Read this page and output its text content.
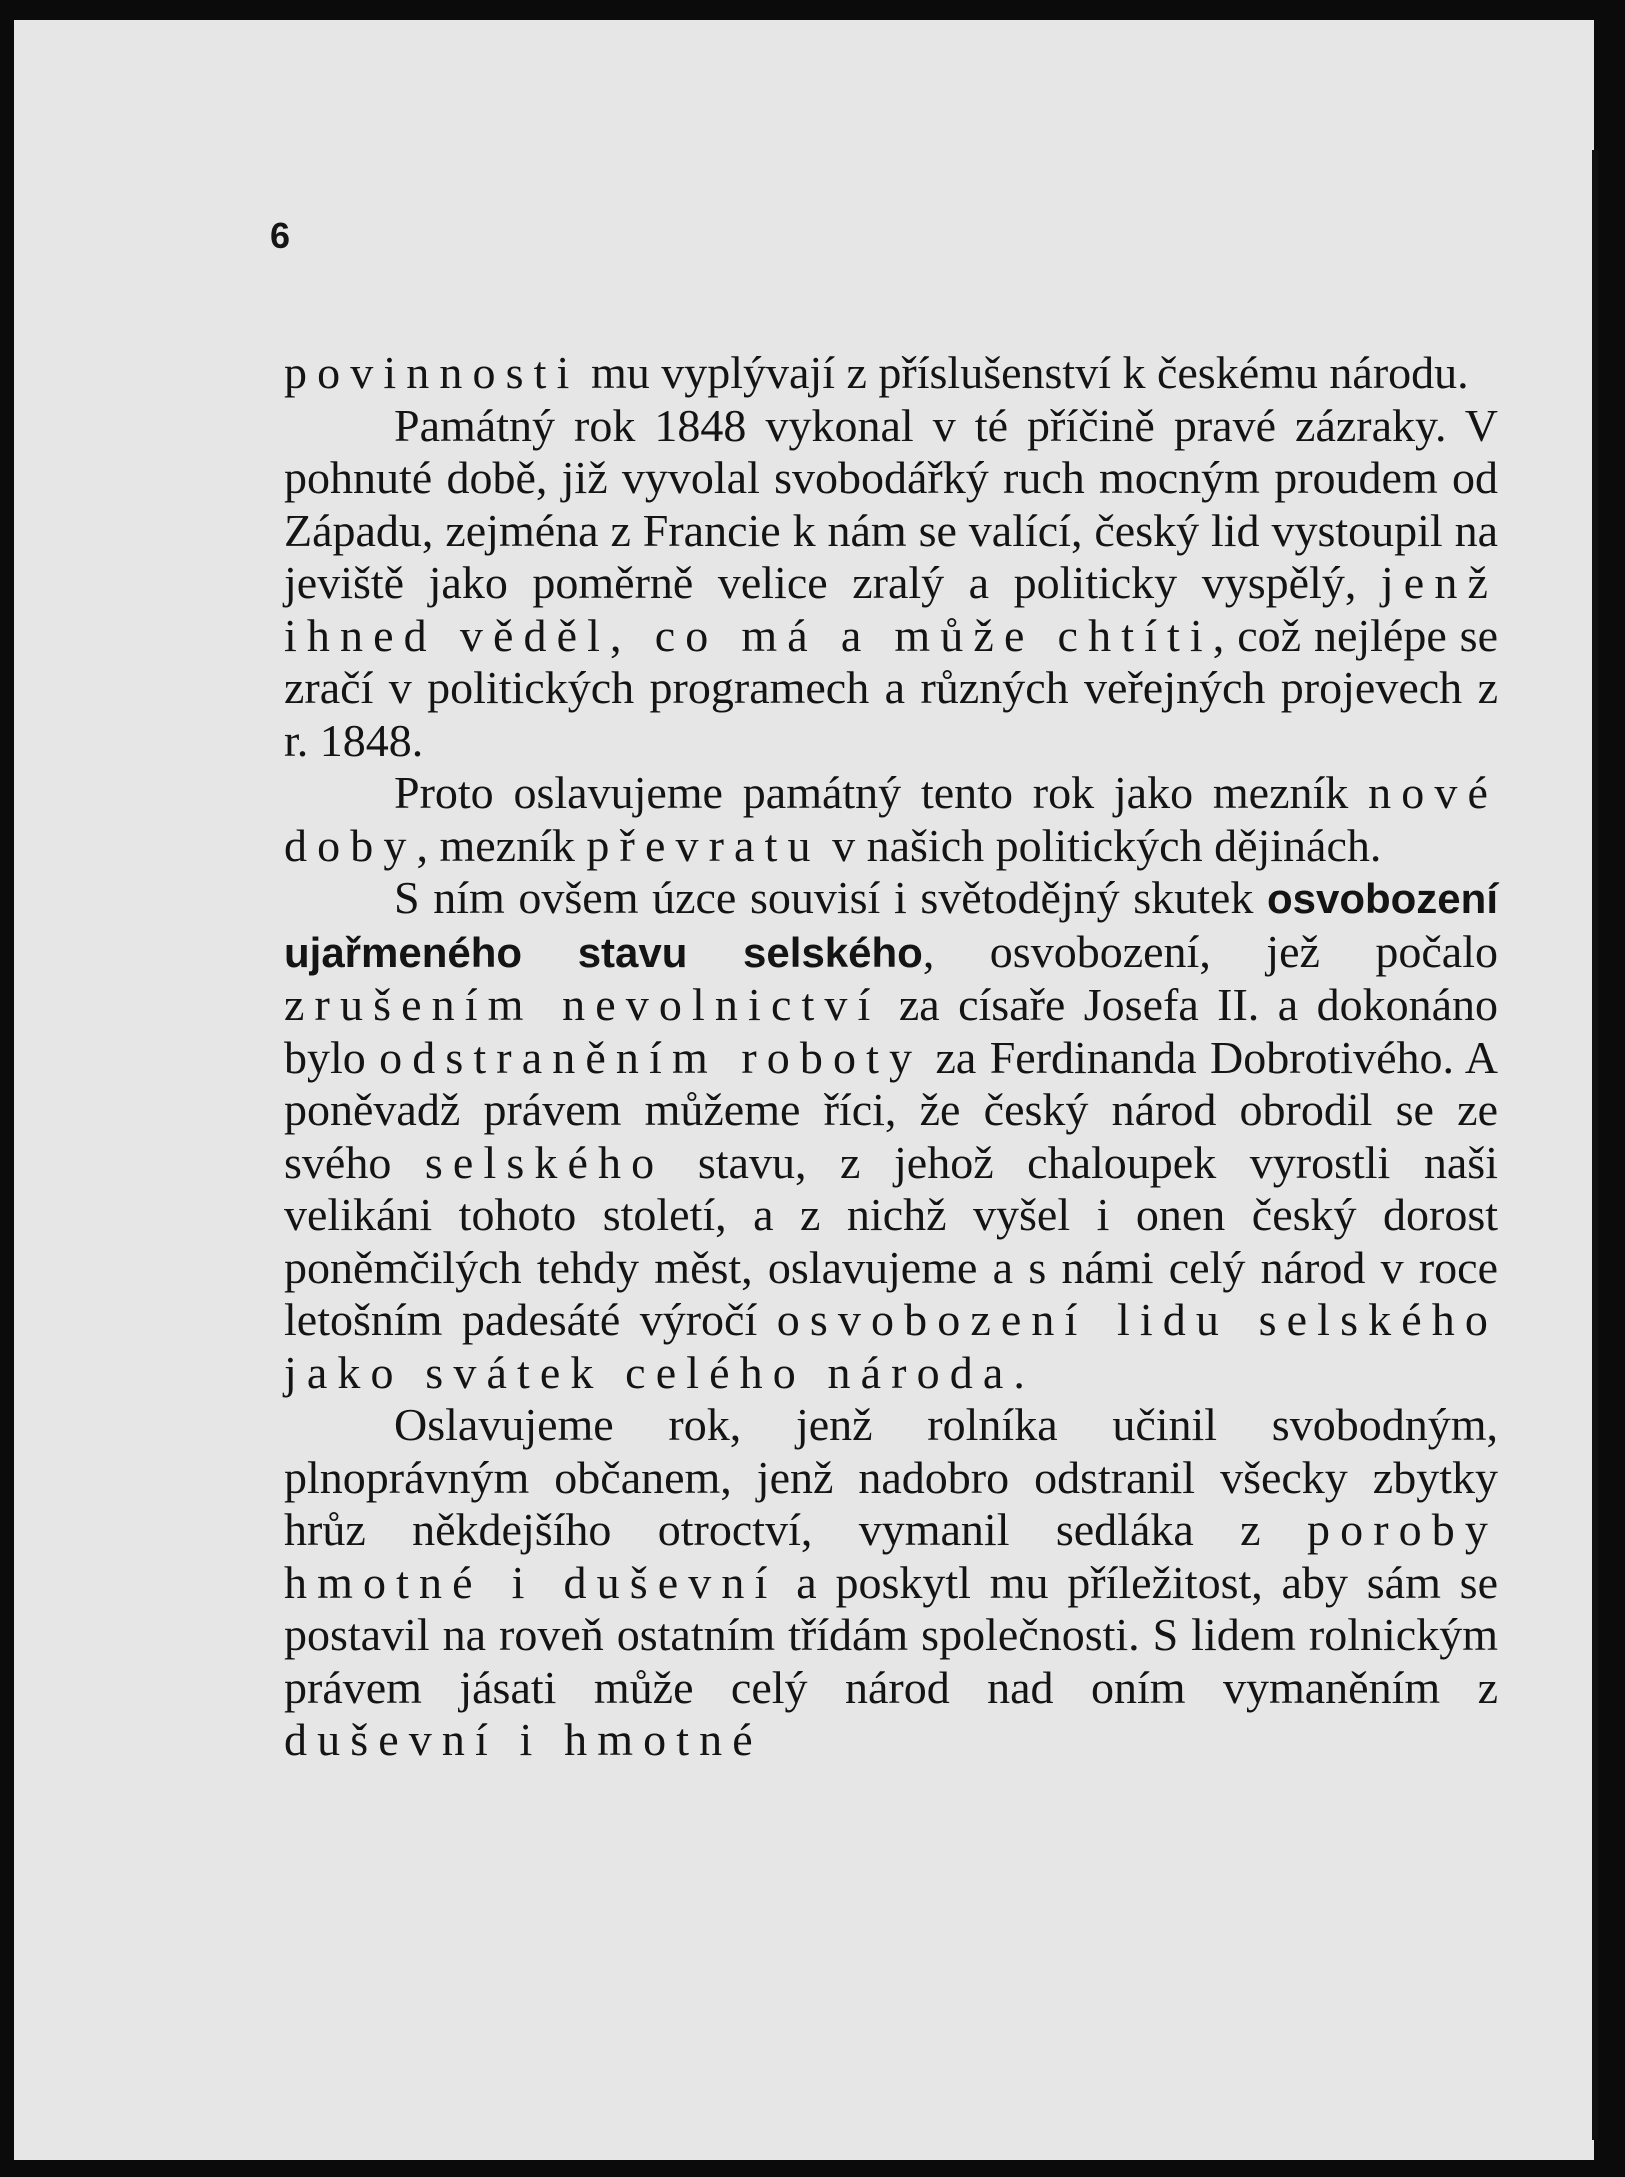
6

povinnosti mu vyplývají z příslušenství k českému národu.

Památný rok 1848 vykonal v té příčině pravé zázraky. V pohnuté době, již vyvolal svobodářký ruch mocným proudem od Západu, zejména z Francie k nám se valící, český lid vystoupil na jeviště jako poměrně velice zralý a politicky vyspělý, jenž ihned věděl, co má a může chtíti, což nejlépe se zračí v politických programech a různých veřejných projevech z r. 1848.

Proto oslavujeme památný tento rok jako mezník nové doby, mezník převratu v našich politických dějinách.

S ním ovšem úzce souvisí i světodějný skutek osvobození ujařmeného stavu selského, osvobození, jež počalo zrušením nevolnictví za císaře Josefa II. a dokonáno bylo odstraněním roboty za Ferdinanda Dobrotivého. A poněvadž právem můžeme říci, že český národ obrodil se ze svého selského stavu, z jehož chaloupek vyrostli naši velikáni tohoto století, a z nichž vyšel i onen český dorost poněmčilých tehdy měst, oslavujeme a s námi celý národ v roce letošním padesáté výročí osvobození lidu selského jako svátek celého národa.

Oslavujeme rok, jenž rolníka učinil svobodným, plnoprávným občanem, jenž nadobro odstranil všecky zbytky hrůz někdejšího otroctví, vymanil sedláka z poroby hmotné i duševní a poskytl mu příležitost, aby sám se postavil na roveň ostatním třídám společnosti. S lidem rolnickým právem jásati může celý národ nad oním vymaněním z duševní i hmotné
